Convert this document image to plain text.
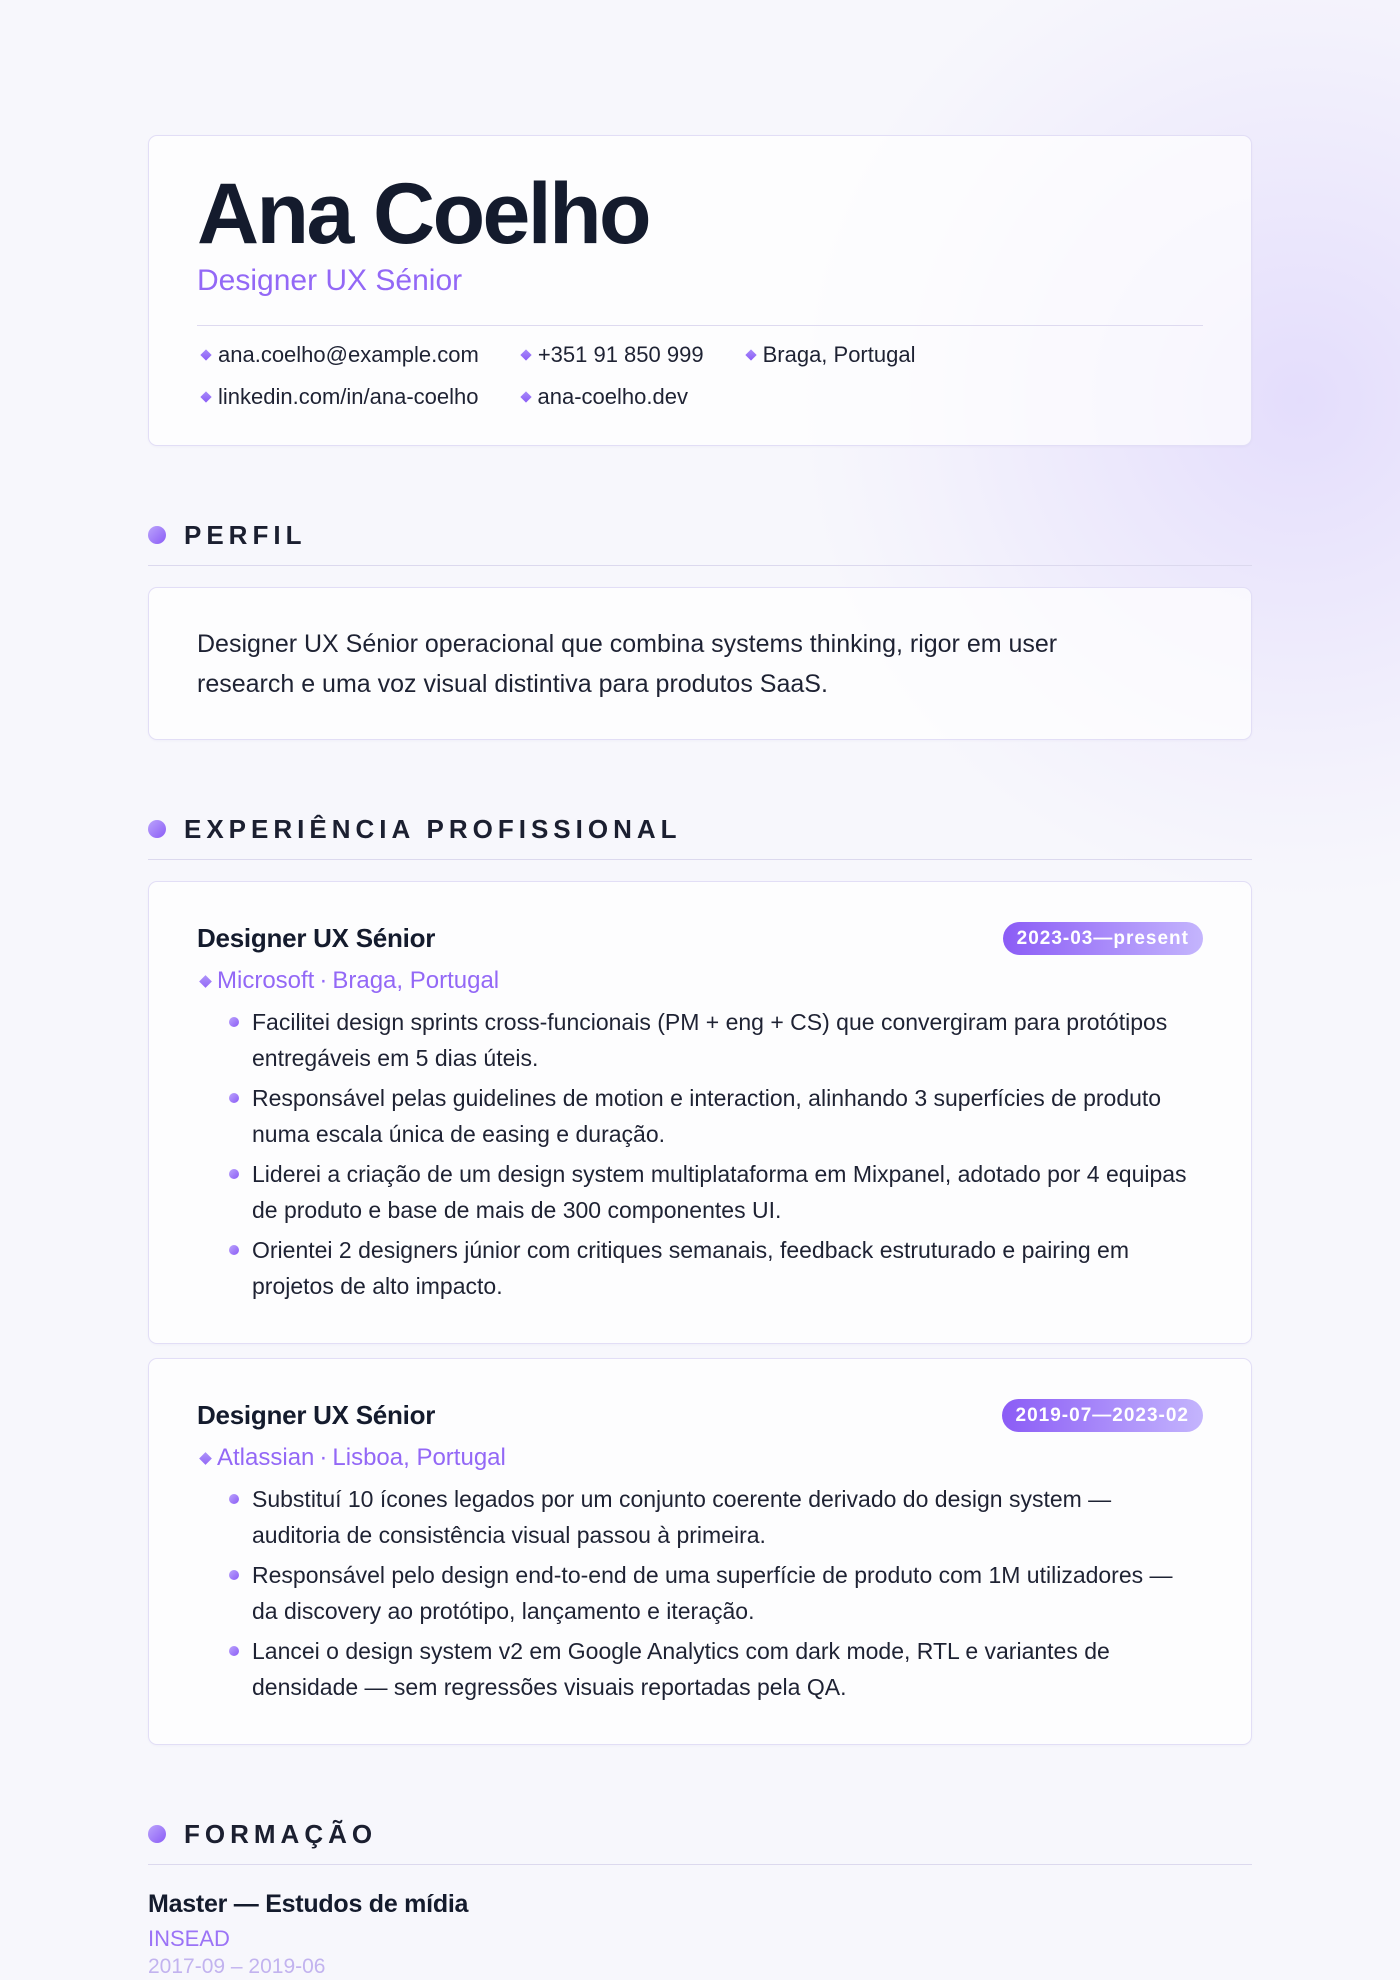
Ana Coelho
Designer UX Sénior
ana.coelho@example.com	+351 91 850 999	Braga, Portugal
linkedin.com/in/ana-coelho	ana-coelho.dev
PERFIL

Designer UX Sénior operacional que combina systems thinking, rigor em user research e uma voz visual distintiva para produtos SaaS.

EXPERIÊNCIA PROFISSIONAL
Designer UX Sénior	2023-03—present
Microsoft · Braga, Portugal
Facilitei design sprints cross-funcionais (PM + eng + CS) que convergiram para protótipos entregáveis em 5 dias úteis.
Responsável pelas guidelines de motion e interaction, alinhando 3 superfícies de produto numa escala única de easing e duração.
Liderei a criação de um design system multiplataforma em Mixpanel, adotado por 4 equipas de produto e base de mais de 300 componentes UI.
Orientei 2 designers júnior com critiques semanais, feedback estruturado e pairing em projetos de alto impacto.
Designer UX Sénior	2019-07—2023-02
Atlassian · Lisboa, Portugal
Substituí 10 ícones legados por um conjunto coerente derivado do design system — auditoria de consistência visual passou à primeira.
Responsável pelo design end-to-end de uma superfície de produto com 1M utilizadores — da discovery ao protótipo, lançamento e iteração.
Lancei o design system v2 em Google Analytics com dark mode, RTL e variantes de densidade — sem regressões visuais reportadas pela QA.
FORMAÇÃO
Master — Estudos de mídia
INSEAD
2017-09 – 2019-06
